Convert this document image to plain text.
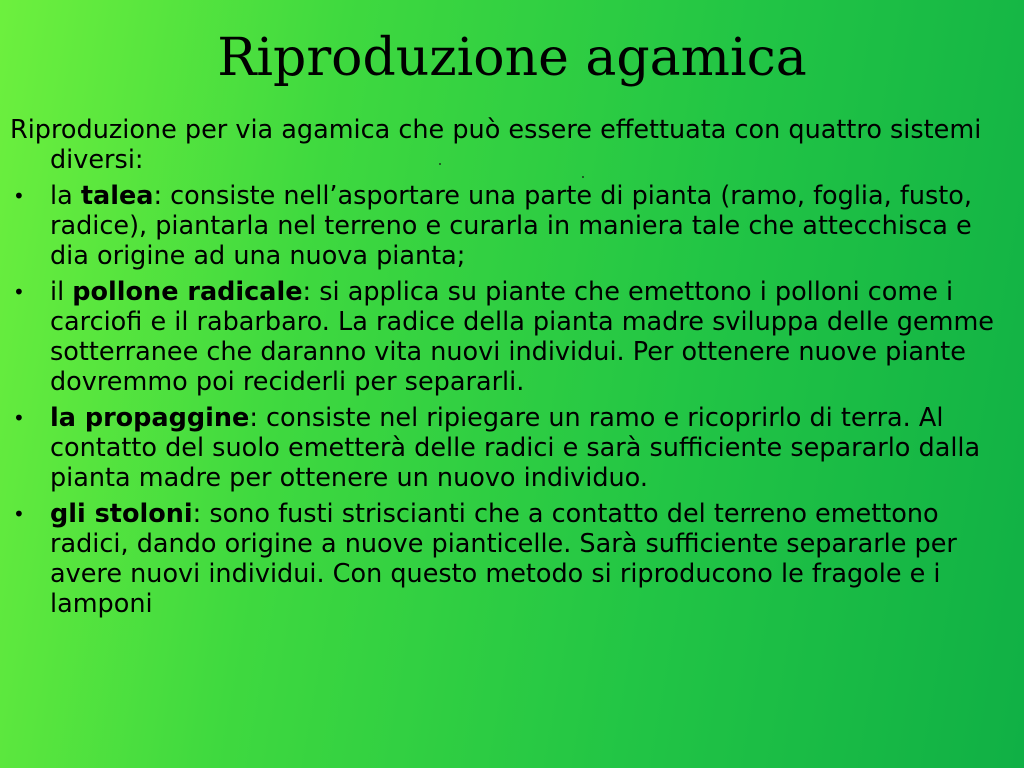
Riproduzione agamica

Riproduzione per via agamica che può essere effettuata con quattro sistemi diversi:

• la talea: consiste nell’asportare una parte di pianta (ramo, foglia, fusto, radice), piantarla nel terreno e curarla in maniera tale che attecchisca e dia origine ad una nuova pianta;
• il pollone radicale: si applica su piante che emettono i polloni come i carciofi e il rabarbaro. La radice della pianta madre sviluppa delle gemme sotterranee che daranno vita nuovi individui. Per ottenere nuove piante dovremmo poi reciderli per separarli.
• la propaggine: consiste nel ripiegare un ramo e ricoprirlo di terra. Al contatto del suolo emetterà delle radici e sarà sufficiente separarlo dalla pianta madre per ottenere un nuovo individuo.
• gli stoloni: sono fusti striscianti che a contatto del terreno emettono radici, dando origine a nuove pianticelle. Sarà sufficiente separarle per avere nuovi individui. Con questo metodo si riproducono le fragole e i lamponi
